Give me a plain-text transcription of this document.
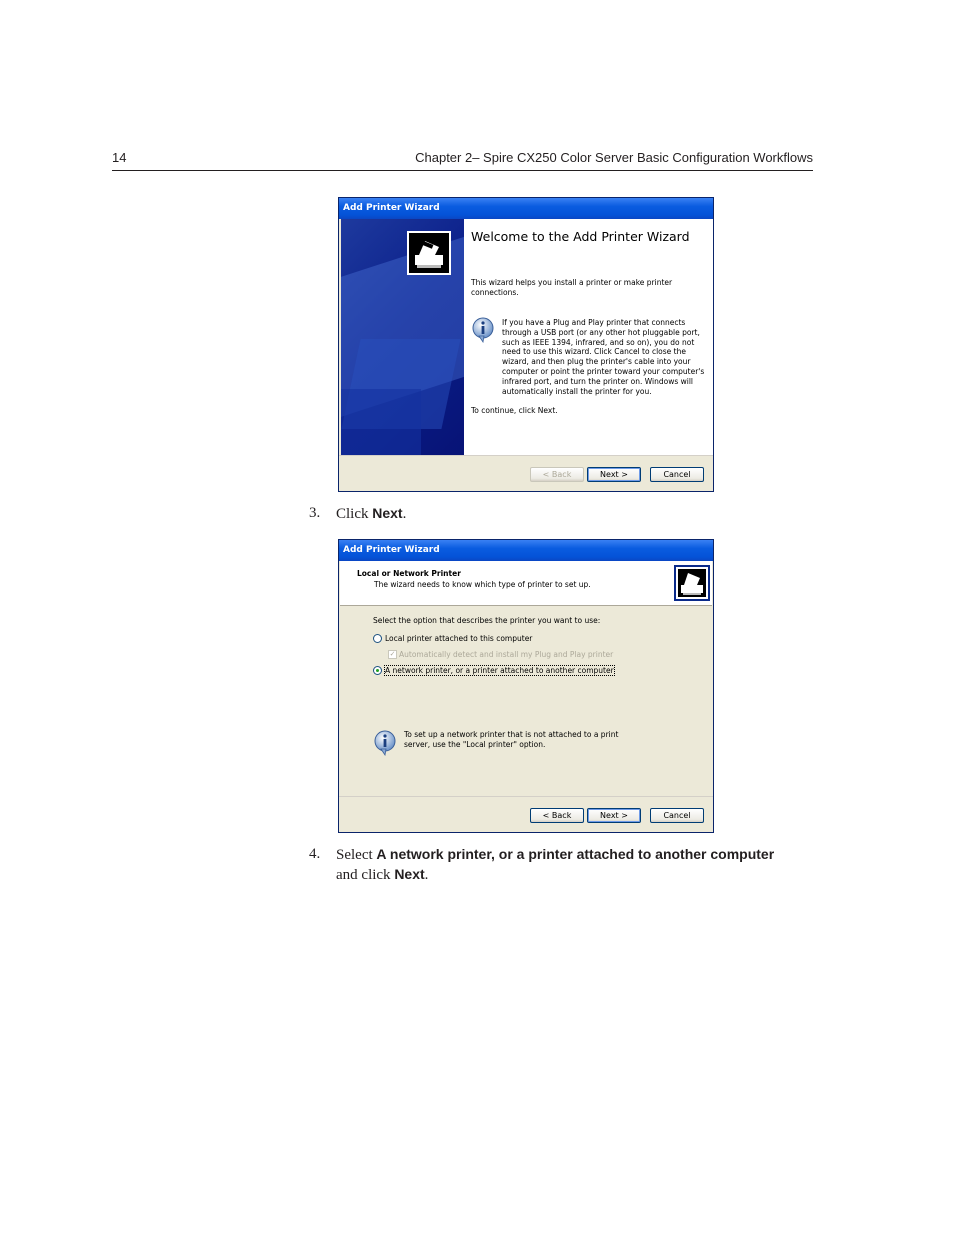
14	Chapter 2– Spire CX250 Color Server Basic Configuration Workflows
Add Printer Wizard
Welcome to the Add Printer Wizard
This wizard helps you install a printer or make printer connections.
If you have a Plug and Play printer that connects through a USB port (or any other hot pluggable port, such as IEEE 1394, infrared, and so on), you do not need to use this wizard. Click Cancel to close the wizard, and then plug the printer's cable into your computer or point the printer toward your computer's infrared port, and turn the printer on. Windows will automatically install the printer for you.
To continue, click Next.
< Back	Next >	Cancel
3. Click Next.
Add Printer Wizard
Local or Network Printer
The wizard needs to know which type of printer to set up.
Select the option that describes the printer you want to use:
Local printer attached to this computer
✓ Automatically detect and install my Plug and Play printer
A network printer, or a printer attached to another computer
To set up a network printer that is not attached to a print server, use the "Local printer" option.
< Back	Next >	Cancel
4. Select A network printer, or a printer attached to another computer
and click Next.
